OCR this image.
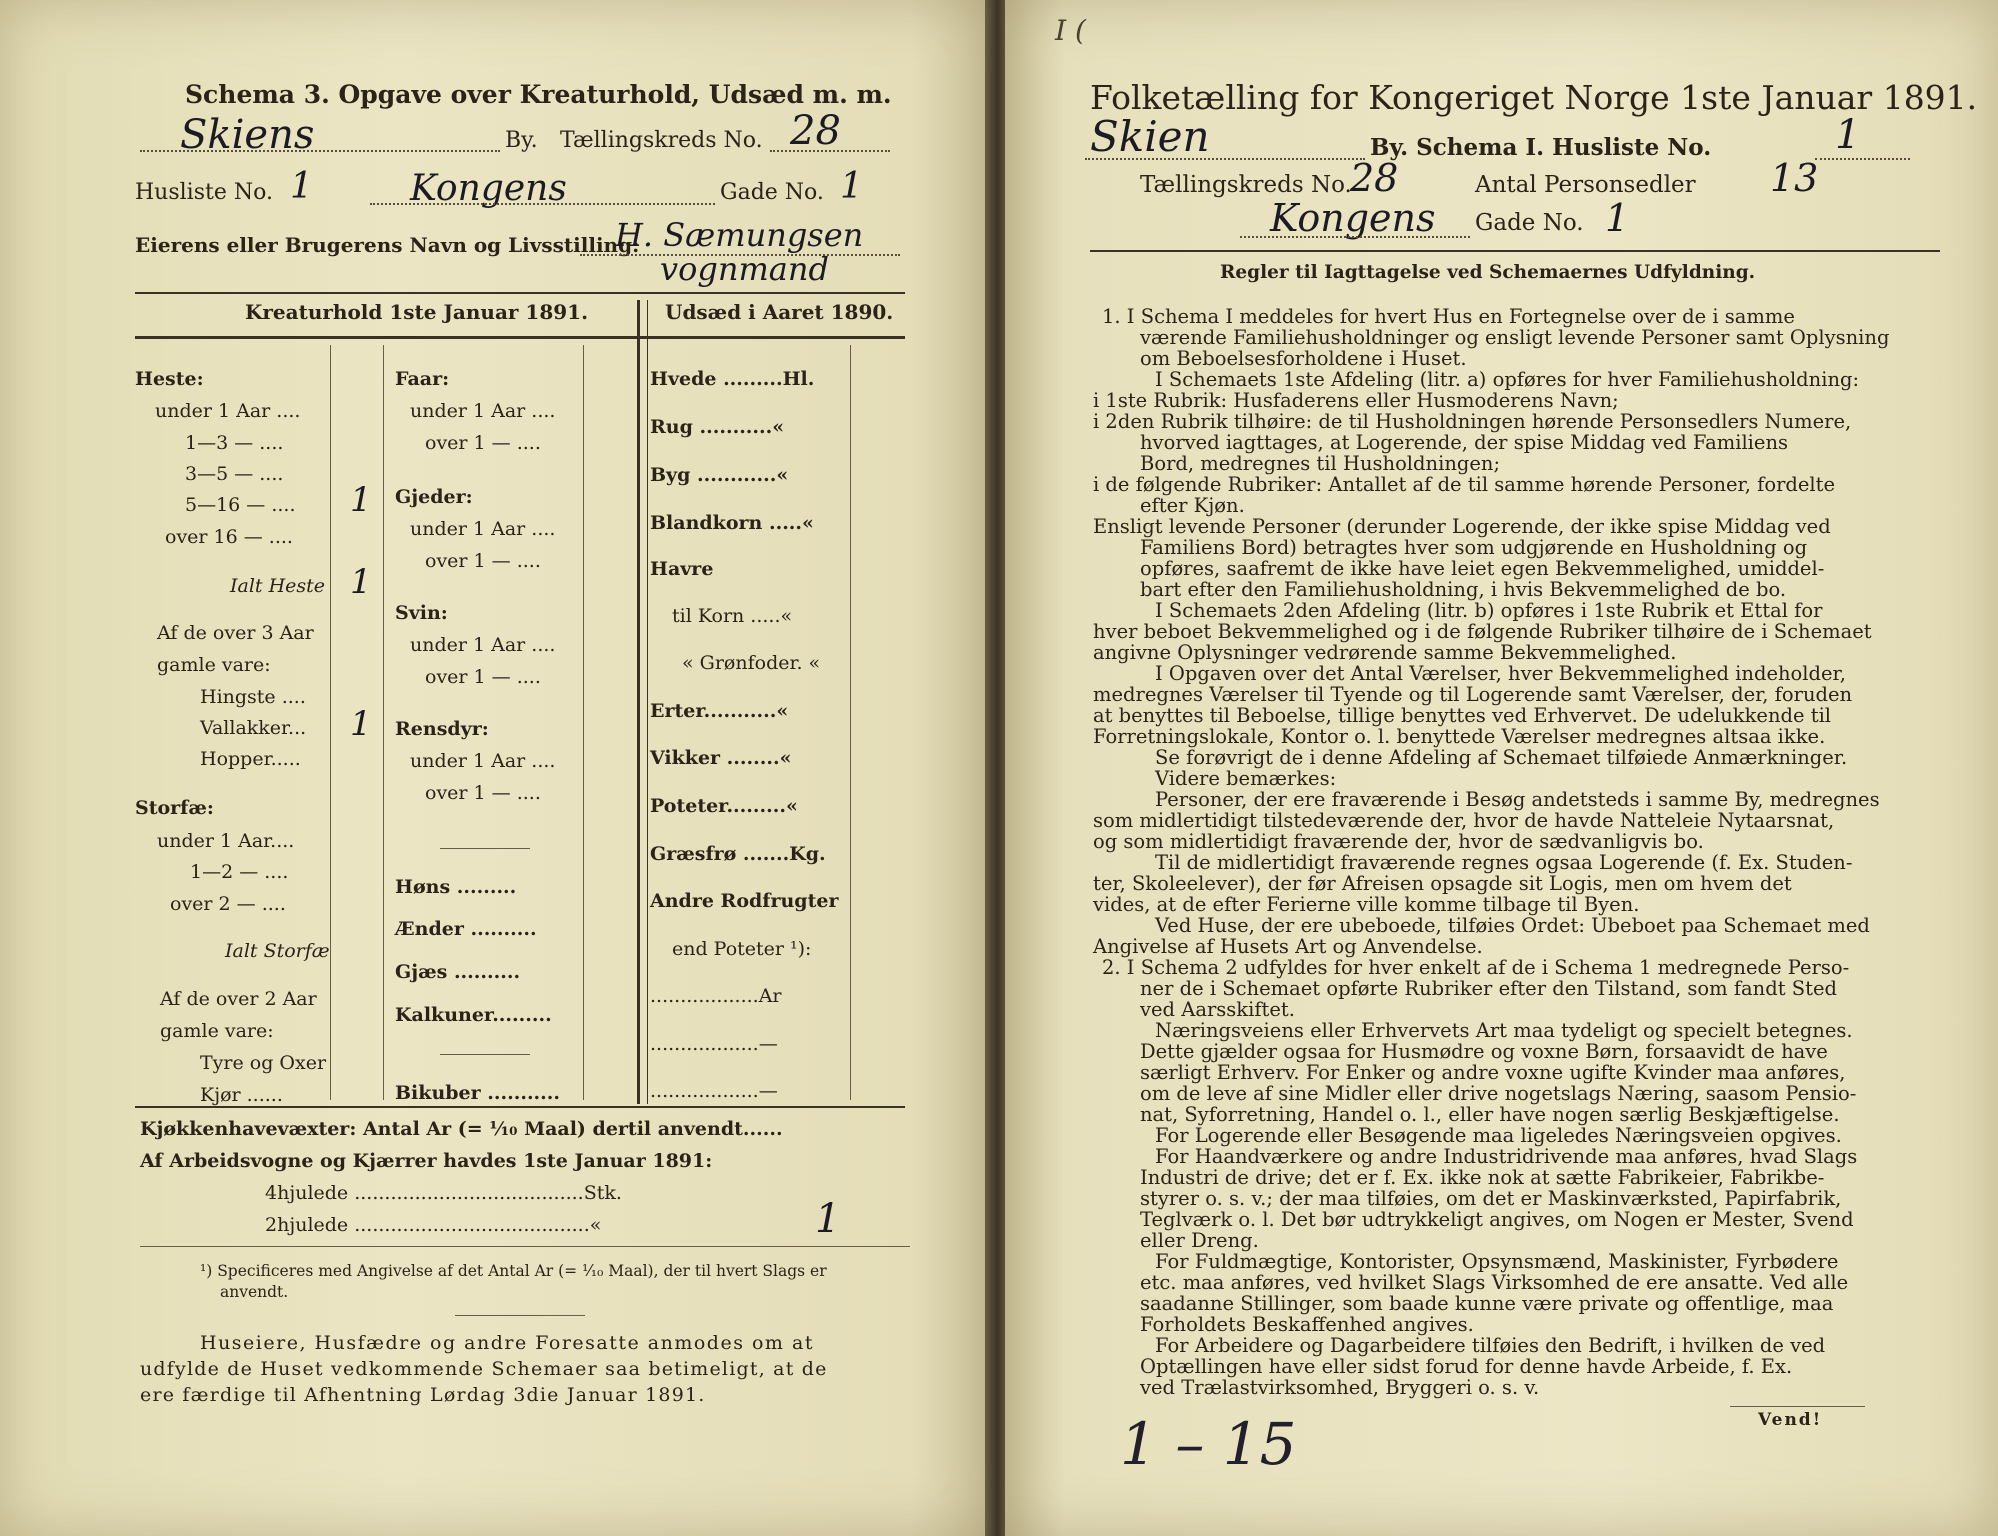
Schema 3. Opgave over Kreaturhold, Udsæd m. m.
Skiens	By. Tællingskreds No. 28
Husliste No. 1	Kongens	Gade No. 1
Eierens eller Brugerens Navn og Livsstilling:
H. Sæmungsen
vognmand
Kreaturhold 1ste Januar 1891.	Udsæd i Aaret 1890.
Heste:
under 1 Aar ....
1—3 — ....
3—5 — ....
5—16 — .... 1
over 16 — ....
Ialt Heste 1
Af de over 3 Aar
gamle vare:
Hingste ....
Vallakker... 1
Hopper.....
Storfæ:
under 1 Aar....
1—2 — ....
over 2 — ....
Ialt Storfæ
Af de over 2 Aar
gamle vare:
Tyre og Oxer
Kjør ......
Faar:
under 1 Aar ....
over 1 — ....
Gjeder:
under 1 Aar ....
over 1 — ....
Svin:
under 1 Aar ....
over 1 — ....
Rensdyr:
under 1 Aar ....
over 1 — ....
Høns .........
Ænder ..........
Gjæs ..........
Kalkuner.........
Bikuber ...........
Hvede .........Hl.
Rug ...........«
Byg ............«
Blandkorn .....«
Havre
til Korn .....«
« Grønfoder. «
Erter...........«
Vikker ........«
Poteter.........«
Græsfrø .......Kg.
Andre Rodfrugter
end Poteter ¹):
..................Ar
..................—
..................—
Kjøkkenhavevæxter: Antal Ar (= ¹⁄₁₀ Maal) dertil anvendt......
Af Arbeidsvogne og Kjærrer havdes 1ste Januar 1891:
4hjulede ......................................Stk.
2hjulede .......................................«	1
¹) Specificeres med Angivelse af det Antal Ar (= ¹⁄₁₀ Maal), der til hvert Slags er
anvendt.
Huseiere, Husfædre og andre Foresatte anmodes om at
udfylde de Huset vedkommende Schemaer saa betimeligt, at de
ere færdige til Afhentning Lørdag 3die Januar 1891.
I (
Folketælling for Kongeriget Norge 1ste Januar 1891.
Skien	By. Schema I. Husliste No.	1
Tællingskreds No.
28	Antal Personsedler 13
Kongens Gade No. 1
Regler til Iagttagelse ved Schemaernes Udfyldning.
1. I Schema I meddeles for hvert Hus en Fortegnelse over de i samme
værende Familiehusholdninger og ensligt levende Personer samt Oplysning
om Beboelsesforholdene i Huset.
I Schemaets 1ste Afdeling (litr. a) opføres for hver Familiehusholdning:
i 1ste Rubrik: Husfaderens eller Husmoderens Navn;
i 2den Rubrik tilhøire: de til Husholdningen hørende Personsedlers Numere,
hvorved iagttages, at Logerende, der spise Middag ved Familiens
Bord, medregnes til Husholdningen;
i de følgende Rubriker: Antallet af de til samme hørende Personer, fordelte
efter Kjøn.
Ensligt levende Personer (derunder Logerende, der ikke spise Middag ved
Familiens Bord) betragtes hver som udgjørende en Husholdning og
opføres, saafremt de ikke have leiet egen Bekvemmelighed, umiddel-
bart efter den Familiehusholdning, i hvis Bekvemmelighed de bo.
I Schemaets 2den Afdeling (litr. b) opføres i 1ste Rubrik et Ettal for
hver beboet Bekvemmelighed og i de følgende Rubriker tilhøire de i Schemaet
angivne Oplysninger vedrørende samme Bekvemmelighed.
I Opgaven over det Antal Værelser, hver Bekvemmelighed indeholder,
medregnes Værelser til Tyende og til Logerende samt Værelser, der, foruden
at benyttes til Beboelse, tillige benyttes ved Erhvervet. De udelukkende til
Forretningslokale, Kontor o. l. benyttede Værelser medregnes altsaa ikke.
Se forøvrigt de i denne Afdeling af Schemaet tilføiede Anmærkninger.
Videre bemærkes:
Personer, der ere fraværende i Besøg andetsteds i samme By, medregnes
som midlertidigt tilstedeværende der, hvor de havde Natteleie Nytaarsnat,
og som midlertidigt fraværende der, hvor de sædvanligvis bo.
Til de midlertidigt fraværende regnes ogsaa Logerende (f. Ex. Studen-
ter, Skoleelever), der før Afreisen opsagde sit Logis, men om hvem det
vides, at de efter Ferierne ville komme tilbage til Byen.
Ved Huse, der ere ubeboede, tilføies Ordet: Ubeboet paa Schemaet med
Angivelse af Husets Art og Anvendelse.
2. I Schema 2 udfyldes for hver enkelt af de i Schema 1 medregnede Perso-
ner de i Schemaet opførte Rubriker efter den Tilstand, som fandt Sted
ved Aarsskiftet.
Næringsveiens eller Erhvervets Art maa tydeligt og specielt betegnes.
Dette gjælder ogsaa for Husmødre og voxne Børn, forsaavidt de have
særligt Erhverv. For Enker og andre voxne ugifte Kvinder maa anføres,
om de leve af sine Midler eller drive nogetslags Næring, saasom Pensio-
nat, Syforretning, Handel o. l., eller have nogen særlig Beskjæftigelse.
For Logerende eller Besøgende maa ligeledes Næringsveien opgives.
For Haandværkere og andre Industridrivende maa anføres, hvad Slags
Industri de drive; det er f. Ex. ikke nok at sætte Fabrikeier, Fabrikbe-
styrer o. s. v.; der maa tilføies, om det er Maskinværksted, Papirfabrik,
Teglværk o. l. Det bør udtrykkeligt angives, om Nogen er Mester, Svend
eller Dreng.
For Fuldmægtige, Kontorister, Opsynsmænd, Maskinister, Fyrbødere
etc. maa anføres, ved hvilket Slags Virksomhed de ere ansatte. Ved alle
saadanne Stillinger, som baade kunne være private og offentlige, maa
Forholdets Beskaffenhed angives.
For Arbeidere og Dagarbeidere tilføies den Bedrift, i hvilken de ved
Optællingen have eller sidst forud for denne havde Arbeide, f. Ex.
ved Trælastvirksomhed, Bryggeri o. s. v.
Vend!
1 – 15
